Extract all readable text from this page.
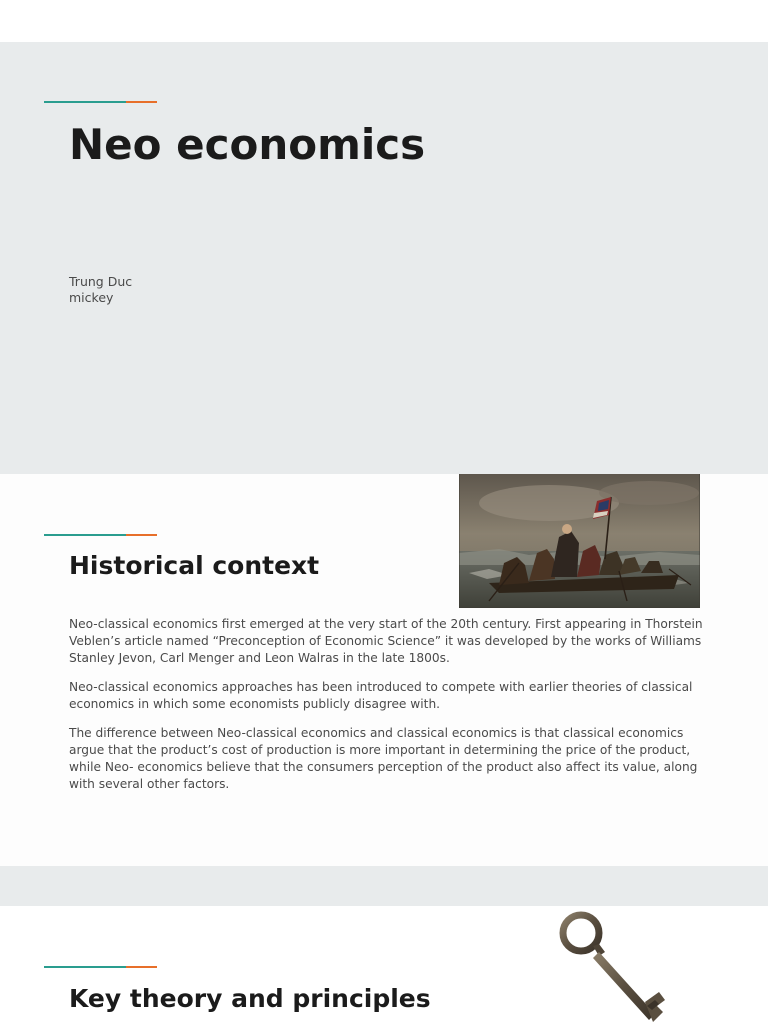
Neo economics
Trung Duc
mickey
Historical context

Neo-classical economics first emerged at the very start of the 20th century. First appearing in Thorstein Veblen’s article named “Preconception of Economic Science” it was developed by the works of Williams Stanley Jevon, Carl Menger and Leon Walras in the late 1800s.

Neo-classical economics approaches has been introduced to compete with earlier theories of classical economics in which some economists publicly disagree with.

The difference between Neo-classical economics and classical economics is that classical economics argue that the product’s cost of production is more important in determining the price of the product, while Neo- economics believe that the consumers perception of the product also affect its value, along with several other factors.

Key theory and principles
